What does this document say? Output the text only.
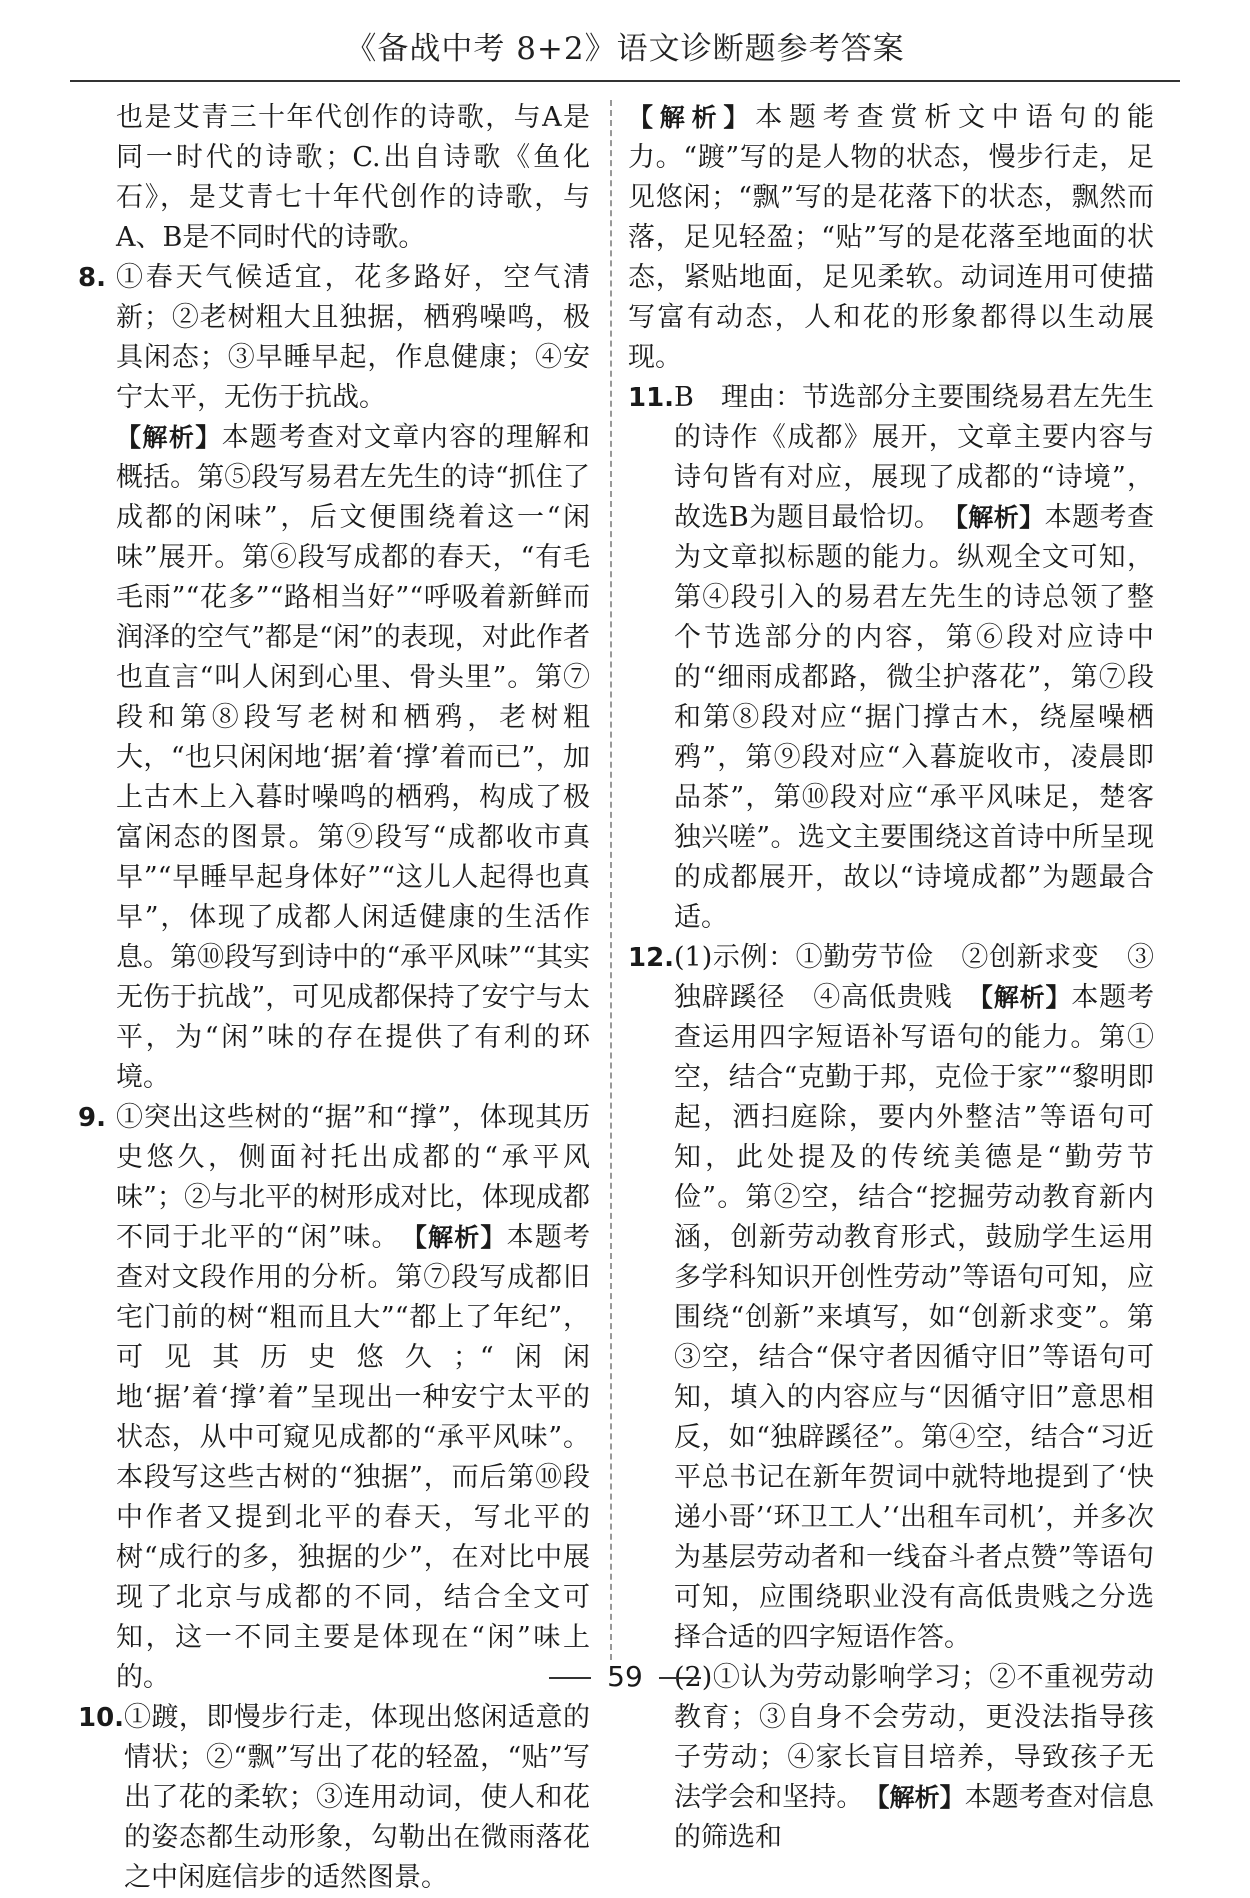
《备战中考 8+2》语文诊断题参考答案

也是艾青三十年代创作的诗歌，与A是同一时代的诗歌；C.出自诗歌《鱼化石》，是艾青七十年代创作的诗歌，与A、B是不同时代的诗歌。

8. ①春天气候适宜，花多路好，空气清新；②老树粗大且独据，栖鸦噪鸣，极具闲态；③早睡早起，作息健康；④安宁太平，无伤于抗战。

【解析】本题考查对文章内容的理解和概括。第⑤段写易君左先生的诗“抓住了成都的闲味”，后文便围绕着这一“闲味”展开。第⑥段写成都的春天，“有毛毛雨”“花多”“路相当好”“呼吸着新鲜而润泽的空气”都是“闲”的表现，对此作者也直言“叫人闲到心里、骨头里”。第⑦段和第⑧段写老树和栖鸦，老树粗大，“也只闲闲地‘据’着‘撑’着而已”，加上古木上入暮时噪鸣的栖鸦，构成了极富闲态的图景。第⑨段写“成都收市真早”“早睡早起身体好”“这儿人起得也真早”，体现了成都人闲适健康的生活作息。第⑩段写到诗中的“承平风味”“其实无伤于抗战”，可见成都保持了安宁与太平，为“闲”味的存在提供了有利的环境。

9. ①突出这些树的“据”和“撑”，体现其历史悠久，侧面衬托出成都的“承平风味”；②与北平的树形成对比，体现成都不同于北平的“闲”味。　 【解析】本题考查对文段作用的分析。第⑦段写成都旧宅门前的树“粗而且大”“都上了年纪”，可见其历史悠久；“闲闲地‘据’着‘撑’着”呈现出一种安宁太平的状态，从中可窥见成都的“承平风味”。本段写这些古树的“独据”，而后第⑩段中作者又提到北平的春天，写北平的树“成行的多，独据的少”，在对比中展现了北京与成都的不同，结合全文可知，这一不同主要是体现在“闲”味上的。

10. ①踱，即慢步行走，体现出悠闲适意的情状；②“飘”写出了花的轻盈，“贴”写出了花的柔软；③连用动词，使人和花的姿态都生动形象，勾勒出在微雨落花之中闲庭信步的适然图景。

【解析】本题考查赏析文中语句的能力。“踱”写的是人物的状态，慢步行走，足见悠闲；“飘”写的是花落下的状态，飘然而落，足见轻盈；“贴”写的是花落至地面的状态，紧贴地面，足见柔软。动词连用可使描写富有动态，人和花的形象都得以生动展现。

11. B　理由：节选部分主要围绕易君左先生的诗作《成都》展开，文章主要内容与诗句皆有对应，展现了成都的“诗境”，故选B为题目最恰切。　 【解析】本题考查为文章拟标题的能力。纵观全文可知，第④段引入的易君左先生的诗总领了整个节选部分的内容，第⑥段对应诗中的“细雨成都路，微尘护落花”，第⑦段和第⑧段对应“据门撑古木，绕屋噪栖鸦”，第⑨段对应“入暮旋收市，凌晨即品茶”，第⑩段对应“承平风味足，楚客独兴嗟”。选文主要围绕这首诗中所呈现的成都展开，故以“诗境成都”为题最合适。

12. (1)示例：①勤劳节俭　②创新求变　③独辟蹊径　④高低贵贱　 【解析】本题考查运用四字短语补写语句的能力。第①空，结合“克勤于邦，克俭于家”“黎明即起，洒扫庭除，要内外整洁”等语句可知，此处提及的传统美德是“勤劳节俭”。第②空，结合“挖掘劳动教育新内涵，创新劳动教育形式，鼓励学生运用多学科知识开创性劳动”等语句可知，应围绕“创新”来填写，如“创新求变”。第③空，结合“保守者因循守旧”等语句可知，填入的内容应与“因循守旧”意思相反，如“独辟蹊径”。第④空，结合“习近平总书记在新年贺词中就特地提到了‘快递小哥’‘环卫工人’‘出租车司机’，并多次为基层劳动者和一线奋斗者点赞”等语句可知，应围绕职业没有高低贵贱之分选择合适的四字短语作答。

(2)①认为劳动影响学习；②不重视劳动教育；③自身不会劳动，更没法指导孩子劳动；④家长盲目培养，导致孩子无法学会和坚持。　 【解析】本题考查对信息的筛选和

59
